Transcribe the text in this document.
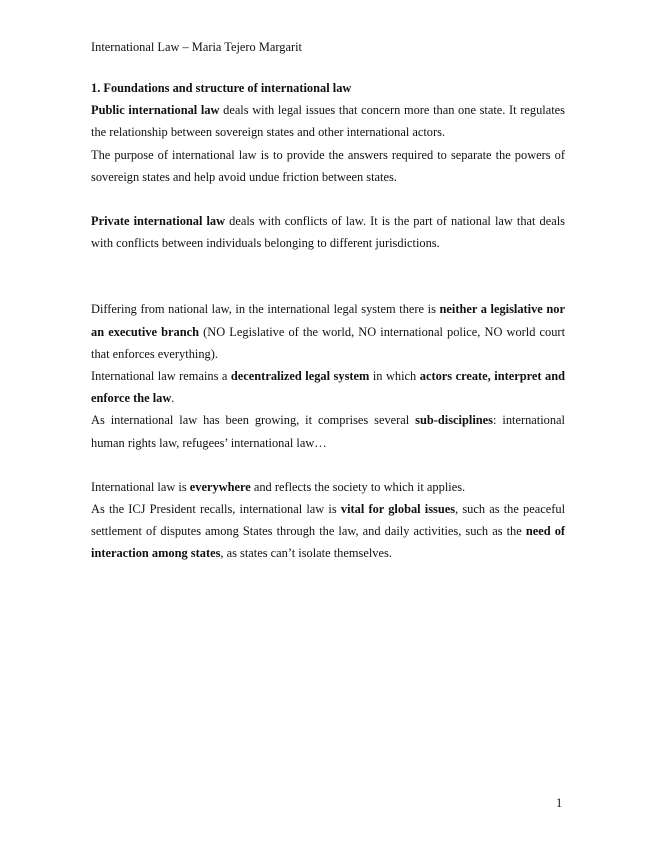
International Law – Maria Tejero Margarit

1. Foundations and structure of international law

Public international law deals with legal issues that concern more than one state. It regulates the relationship between sovereign states and other international actors.

The purpose of international law is to provide the answers required to separate the powers of sovereign states and help avoid undue friction between states.

Private international law deals with conflicts of law. It is the part of national law that deals with conflicts between individuals belonging to different jurisdictions.

Differing from national law, in the international legal system there is neither a legislative nor an executive branch (NO Legislative of the world, NO international police, NO world court that enforces everything).

International law remains a decentralized legal system in which actors create, interpret and enforce the law.

As international law has been growing, it comprises several sub-disciplines: international human rights law, refugees’ international law…

International law is everywhere and reflects the society to which it applies.

As the ICJ President recalls, international law is vital for global issues, such as the peaceful settlement of disputes among States through the law, and daily activities, such as the need of interaction among states, as states can’t isolate themselves.

1
